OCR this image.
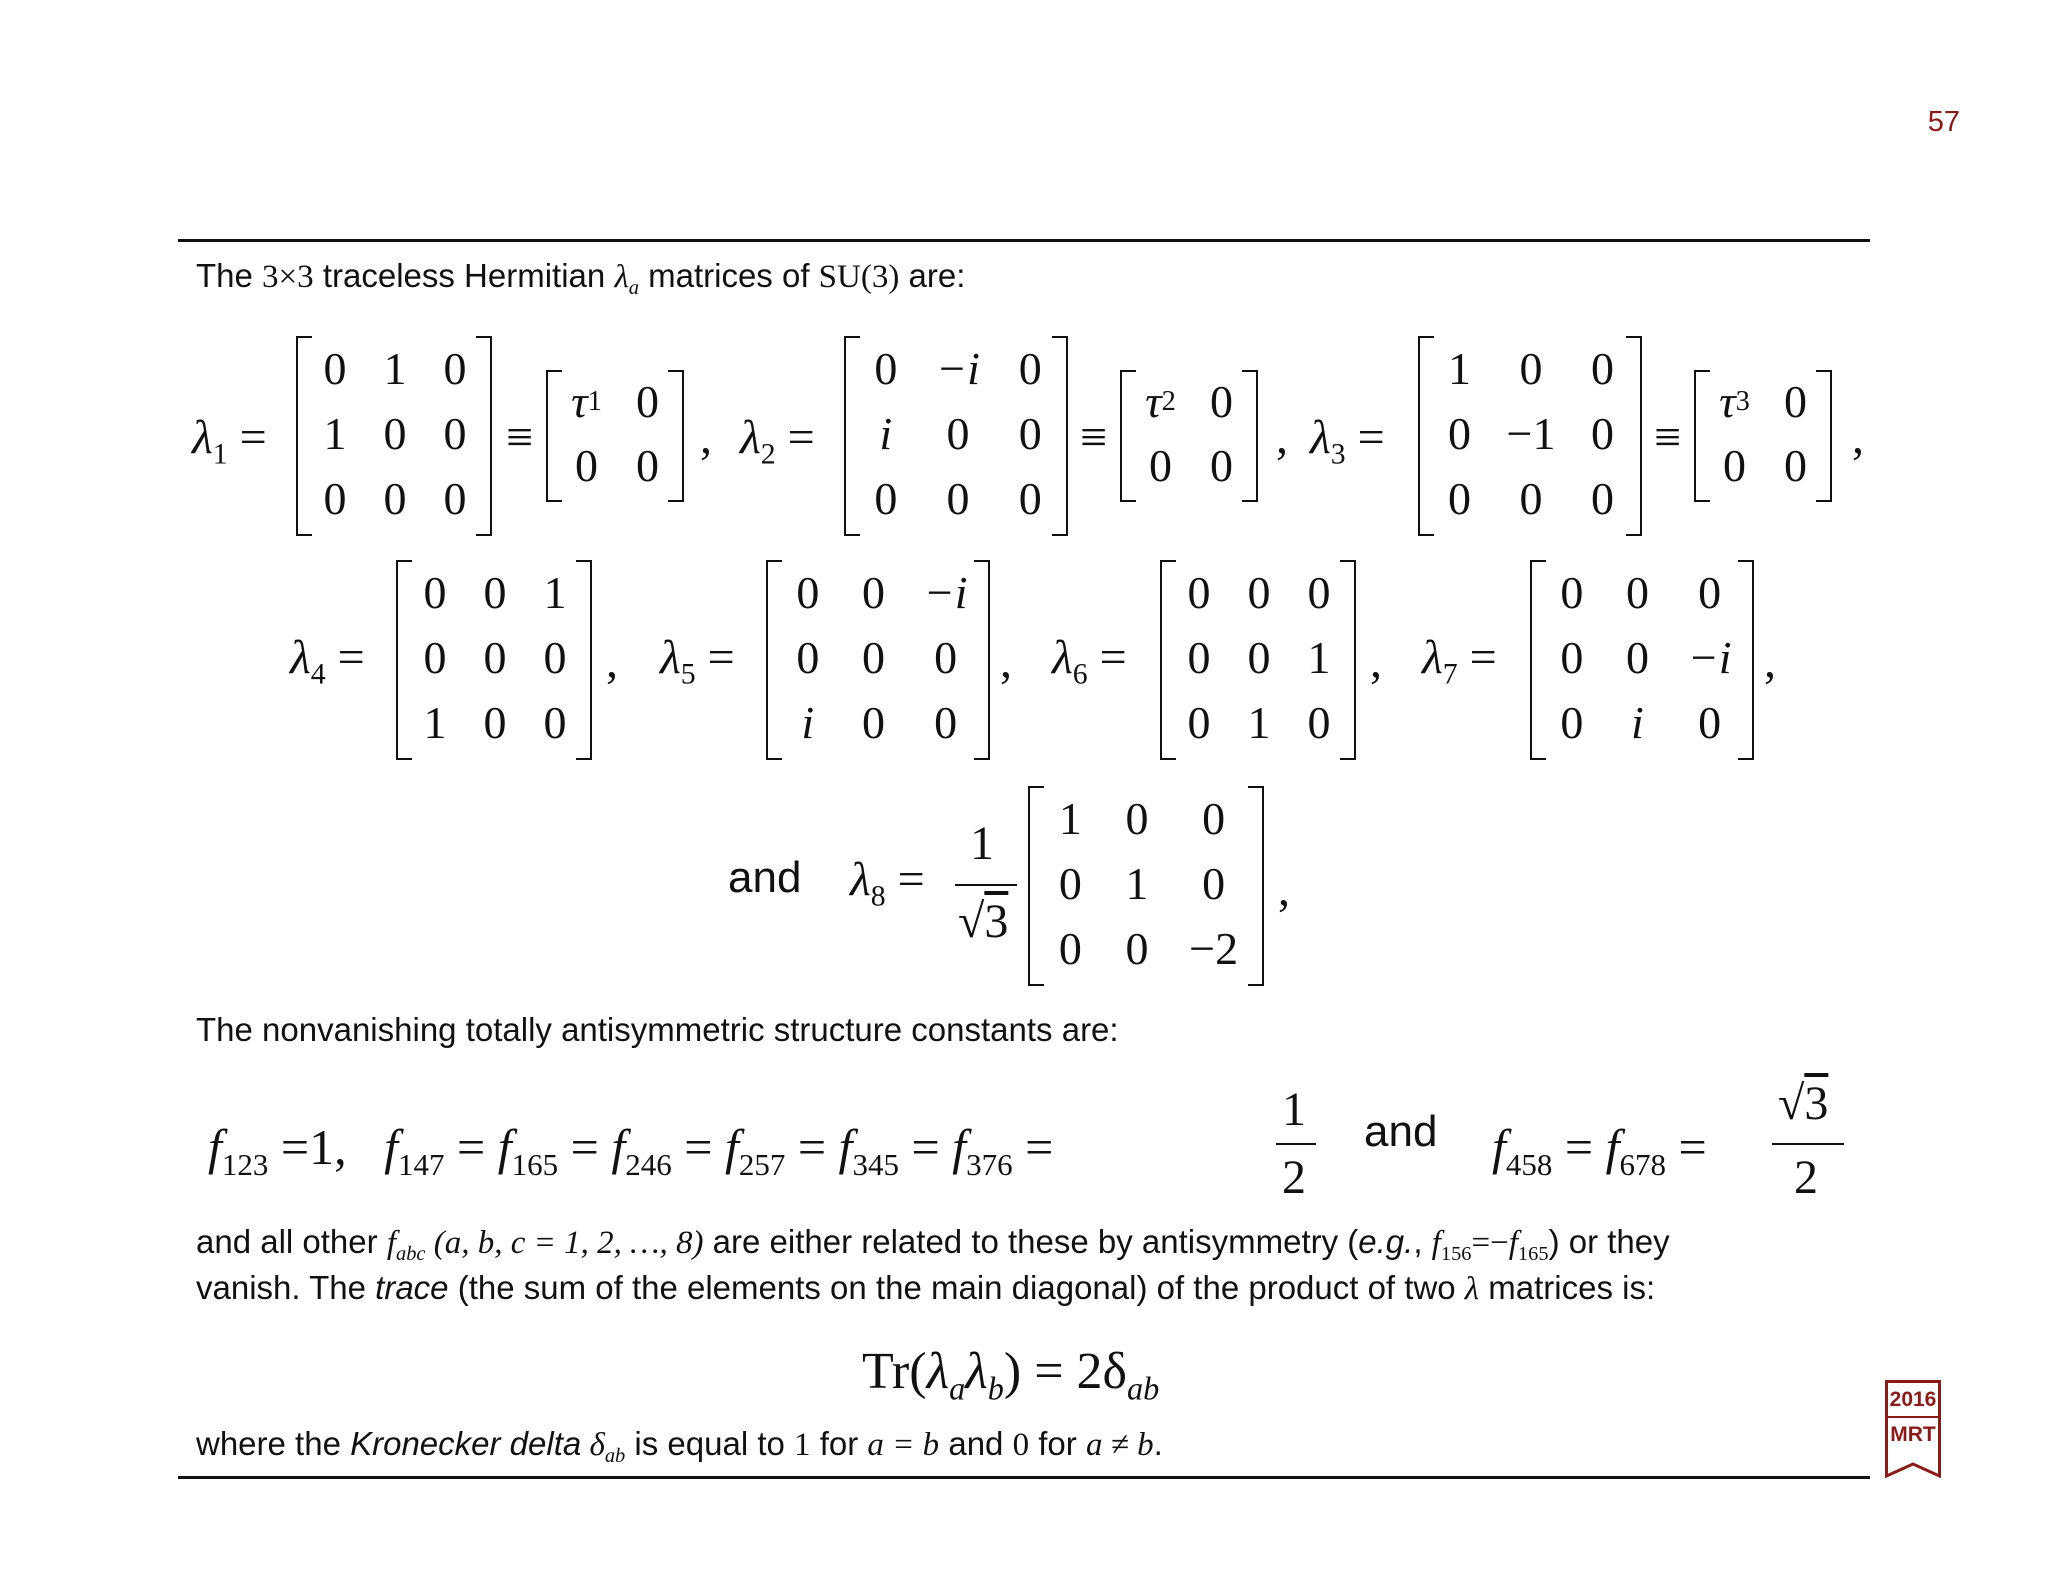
57
The 3×3 traceless Hermitian $\lambda_a$ matrices of SU(3) are:
$\lambda_1$ =
0 1 0
1 0 0
0 0 0
≡
τ 1 0
0 0
, $\lambda_2$ =
0 −i 0
i	0	0
0	0	0
≡
τ 2 0
0 0
, $\lambda_3$ =
1	0	0
0 −1 0
0	0	0
≡
τ 3 0
0 0
,
$\lambda_4$ =
0 0 1
0 0 0
1 0 0
, $\lambda_5$ =
0 0 −i
0 0	0
i	0	0
, $\lambda_6$ =
0 0 0
0 0 1
0 1 0
, $\lambda_7$ =
0 0	0
0 0 −i
0	i	0
,
and $\lambda_8$ =
1
√3
1 0	0
0 1	0
0 0 −2
,
The nonvanishing totally antisymmetric structure constants are:
$f_{123} =1$, $f_{147} = f_{165} = f_{246} = f_{257} = f_{345} = f_{376}$ =
1
2
and $f_{458} = f_{678}$ =
√3
2
and all other $f_{abc}$ (a, b, c = 1, 2, …, 8) are either related to these by antisymmetry (e.g., $f_{156}=-f_{165}$) or they
vanish. The trace (the sum of the elements on the main diagonal) of the product of two λ matrices is:
$Tr(\lambda_a\lambda_b) = 2\delta_{ab}$
where the Kronecker delta $\delta_{ab}$ is equal to 1 for a = b and 0 for a ≠ b.
2016
MRT
